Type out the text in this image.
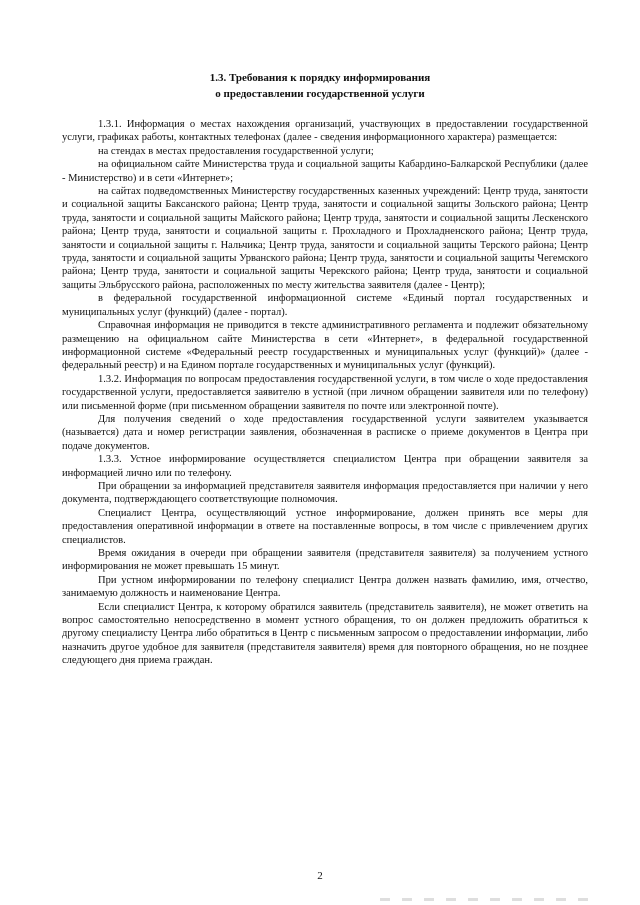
1.3. Требования к порядку информирования
о предоставлении государственной услуги

1.3.1. Информация о местах нахождения организаций, участвующих в предоставлении государственной услуги, графиках работы, контактных телефонах (далее - сведения информационного характера) размещается:

на стендах в местах предоставления государственной услуги;

на официальном сайте Министерства труда и социальной защиты Кабардино-Балкарской Республики (далее - Министерство) и в сети «Интернет»;

на сайтах подведомственных Министерству государственных казенных учреждений: Центр труда, занятости и социальной защиты Баксанского района; Центр труда, занятости и социальной защиты Зольского района; Центр труда, занятости и социальной защиты Майского района; Центр труда, занятости и социальной защиты Лескенского района; Центр труда, занятости и социальной защиты г. Прохладного и Прохладненского района; Центр труда, занятости и социальной защиты г. Нальчика; Центр труда, занятости и социальной защиты Терского района; Центр труда, занятости и социальной защиты Урванского района; Центр труда, занятости и социальной защиты Чегемского района; Центр труда, занятости и социальной защиты Черекского района; Центр труда, занятости и социальной защиты Эльбрусского района, расположенных по месту жительства заявителя (далее - Центр);

в федеральной государственной информационной системе «Единый портал государственных и муниципальных услуг (функций) (далее - портал).

Справочная информация не приводится в тексте административного регламента и подлежит обязательному размещению на официальном сайте Министерства в сети «Интернет», в федеральной государственной информационной системе «Федеральный реестр государственных и муниципальных услуг (функций)» (далее - федеральный реестр) и на Едином портале государственных и муниципальных услуг (функций).

1.3.2. Информация по вопросам предоставления государственной услуги, в том числе о ходе предоставления государственной услуги, предоставляется заявителю в устной (при личном обращении заявителя или по телефону) или письменной форме (при письменном обращении заявителя по почте или электронной почте).

Для получения сведений о ходе предоставления государственной услуги заявителем указывается (называется) дата и номер регистрации заявления, обозначенная в расписке о приеме документов в Центра при подаче документов.

1.3.3. Устное информирование осуществляется специалистом Центра при обращении заявителя за информацией лично или по телефону.

При обращении за информацией представителя заявителя информация предоставляется при наличии у него документа, подтверждающего соответствующие полномочия.

Специалист Центра, осуществляющий устное информирование, должен принять все меры для предоставления оперативной информации в ответе на поставленные вопросы, в том числе с привлечением других специалистов.

Время ожидания в очереди при обращении заявителя (представителя заявителя) за получением устного информирования не может превышать 15 минут.

При устном информировании по телефону специалист Центра должен назвать фамилию, имя, отчество, занимаемую должность и наименование Центра.

Если специалист Центра, к которому обратился заявитель (представитель заявителя), не может ответить на вопрос самостоятельно непосредственно в момент устного обращения, то он должен предложить обратиться к другому специалисту Центра либо обратиться в Центр с письменным запросом о предоставлении информации, либо назначить другое удобное для заявителя (представителя заявителя) время для повторного обращения, но не позднее следующего дня приема граждан.

2
